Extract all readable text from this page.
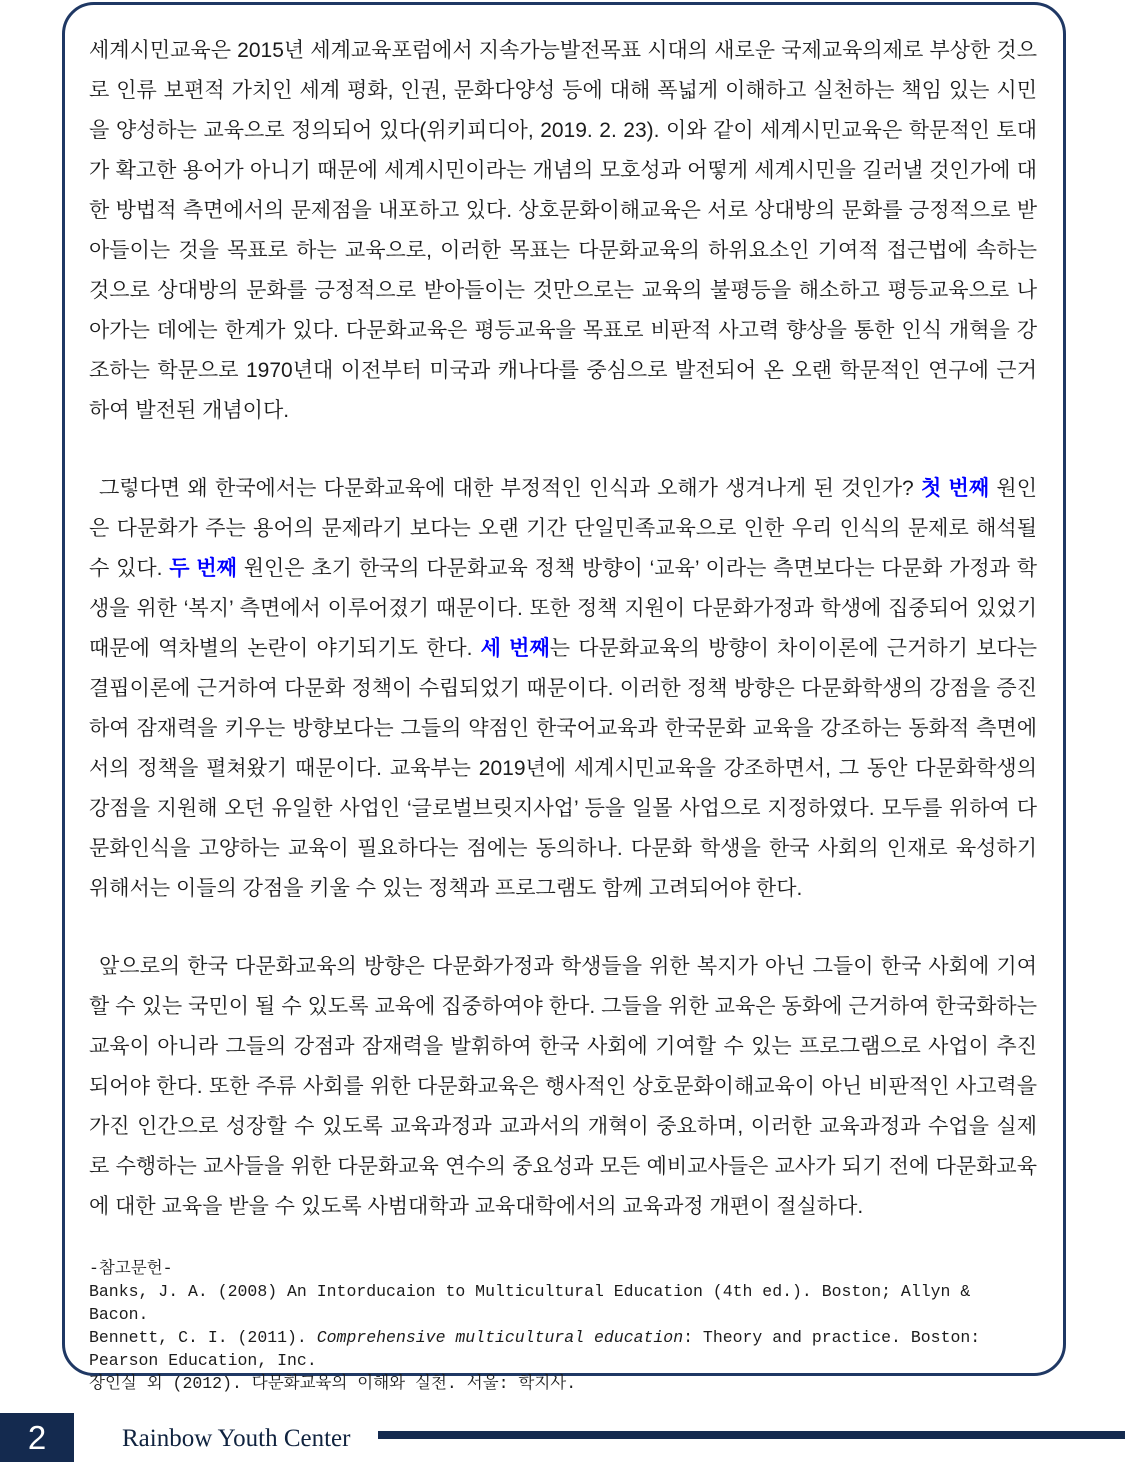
세계시민교육은 2015년 세계교육포럼에서 지속가능발전목표 시대의 새로운 국제교육의제로 부상한 것으로 인류 보편적 가치인 세계 평화, 인권, 문화다양성 등에 대해 폭넓게 이해하고 실천하는 책임 있는 시민을 양성하는 교육으로 정의되어 있다(위키피디아, 2019. 2. 23). 이와 같이 세계시민교육은 학문적인 토대가 확고한 용어가 아니기 때문에 세계시민이라는 개념의 모호성과 어떻게 세계시민을 길러낼 것인가에 대한 방법적 측면에서의 문제점을 내포하고 있다. 상호문화이해교육은 서로 상대방의 문화를 긍정적으로 받아들이는 것을 목표로 하는 교육으로, 이러한 목표는 다문화교육의 하위요소인 기여적 접근법에 속하는 것으로 상대방의 문화를 긍정적으로 받아들이는 것만으로는 교육의 불평등을 해소하고 평등교육으로 나아가는 데에는 한계가 있다. 다문화교육은 평등교육을 목표로 비판적 사고력 향상을 통한 인식 개혁을 강조하는 학문으로 1970년대 이전부터 미국과 캐나다를 중심으로 발전되어 온 오랜 학문적인 연구에 근거하여 발전된 개념이다.

그렇다면 왜 한국에서는 다문화교육에 대한 부정적인 인식과 오해가 생겨나게 된 것인가? 첫 번째 원인은 다문화가 주는 용어의 문제라기 보다는 오랜 기간 단일민족교육으로 인한 우리 인식의 문제로 해석될 수 있다. 두 번째 원인은 초기 한국의 다문화교육 정책 방향이 ‘교육’ 이라는 측면보다는 다문화 가정과 학생을 위한 ‘복지’ 측면에서 이루어졌기 때문이다. 또한 정책 지원이 다문화가정과 학생에 집중되어 있었기 때문에 역차별의 논란이 야기되기도 한다. 세 번째는 다문화교육의 방향이 차이이론에 근거하기 보다는 결핍이론에 근거하여 다문화 정책이 수립되었기 때문이다. 이러한 정책 방향은 다문화학생의 강점을 증진하여 잠재력을 키우는 방향보다는 그들의 약점인 한국어교육과 한국문화 교육을 강조하는 동화적 측면에서의 정책을 펼쳐왔기 때문이다. 교육부는 2019년에 세계시민교육을 강조하면서, 그 동안 다문화학생의 강점을 지원해 오던 유일한 사업인 ‘글로벌브릿지사업’ 등을 일몰 사업으로 지정하였다. 모두를 위하여 다문화인식을 고양하는 교육이 필요하다는 점에는 동의하나. 다문화 학생을 한국 사회의 인재로 육성하기 위해서는 이들의 강점을 키울 수 있는 정책과 프로그램도 함께 고려되어야 한다.

앞으로의 한국 다문화교육의 방향은 다문화가정과 학생들을 위한 복지가 아닌 그들이 한국 사회에 기여할 수 있는 국민이 될 수 있도록 교육에 집중하여야 한다. 그들을 위한 교육은 동화에 근거하여 한국화하는 교육이 아니라 그들의 강점과 잠재력을 발휘하여 한국 사회에 기여할 수 있는 프로그램으로 사업이 추진되어야 한다. 또한 주류 사회를 위한 다문화교육은 행사적인 상호문화이해교육이 아닌 비판적인 사고력을 가진 인간으로 성장할 수 있도록 교육과정과 교과서의 개혁이 중요하며, 이러한 교육과정과 수업을 실제로 수행하는 교사들을 위한 다문화교육 연수의 중요성과 모든 예비교사들은 교사가 되기 전에 다문화교육에 대한 교육을 받을 수 있도록 사범대학과 교육대학에서의 교육과정 개편이 절실하다.

-참고문헌-

Banks, J. A. (2008) An Intorducaion to Multicultural Education (4th ed.). Boston; Allyn & Bacon.

Bennett, C. I. (2011). Comprehensive multicultural education: Theory and practice. Boston: Pearson Education, Inc.

장인실 외 (2012). 다문화교육의 이해와 실천. 서울: 학지사.

2	Rainbow Youth Center
